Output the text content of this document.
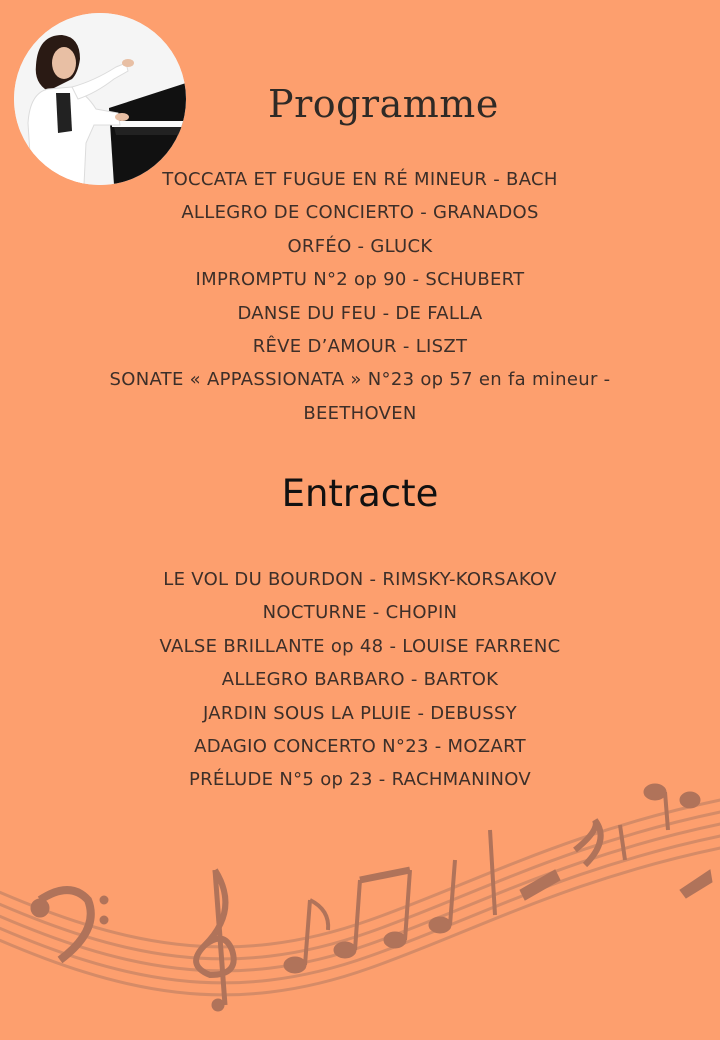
Programme
TOCCATA ET FUGUE EN RÉ MINEUR - BACH
ALLEGRO DE CONCIERTO - GRANADOS
ORFÉO - GLUCK
IMPROMPTU N°2 op 90 - SCHUBERT
DANSE DU FEU - DE FALLA
RÊVE D’AMOUR - LISZT
SONATE « APPASSIONATA » N°23 op 57 en fa mineur - BEETHOVEN
Entracte
LE VOL DU BOURDON - RIMSKY-KORSAKOV
NOCTURNE - CHOPIN
VALSE BRILLANTE op 48 - LOUISE FARRENC
ALLEGRO BARBARO - BARTOK
JARDIN SOUS LA PLUIE - DEBUSSY
ADAGIO CONCERTO N°23 - MOZART
PRÉLUDE N°5 op 23 - RACHMANINOV
